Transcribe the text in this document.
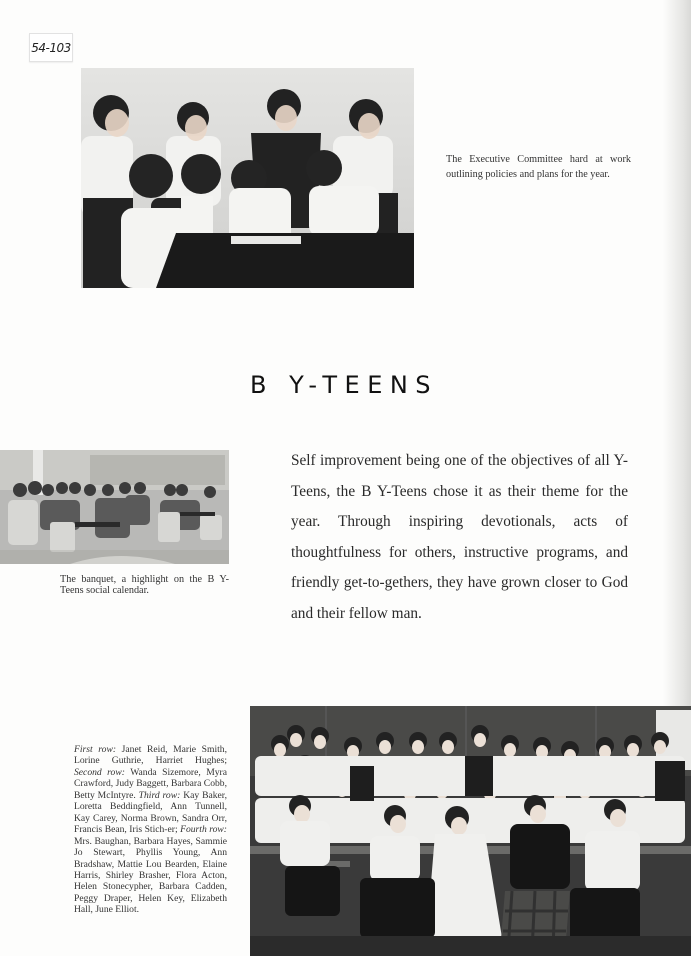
54-103
The Executive Committee hard at work outlining policies and plans for the year.
B Y-TEENS
The banquet, a highlight on the B Y-Teens social calendar.

Self improvement being one of the objectives of all Y-Teens, the B Y-Teens chose it as their theme for the year. Through inspiring devotionals, acts of thoughtfulness for others, instructive programs, and friendly get-to-gethers, they have grown closer to God and their fellow man.

First row: Janet Reid, Marie Smith, Lorine Guthrie, Harriet Hughes; Second row: Wanda Sizemore, Myra Crawford, Judy Baggett, Barbara Cobb, Betty McIntyre. Third row: Kay Baker, Loretta Beddingfield, Ann Tunnell, Kay Carey, Norma Brown, Sandra Orr, Francis Bean, Iris Stich-er; Fourth row: Mrs. Baughan, Barbara Hayes, Sammie Jo Stewart, Phyllis Young, Ann Bradshaw, Mattie Lou Bearden, Elaine Harris, Shirley Brasher, Flora Acton, Helen Stonecypher, Barbara Cadden, Peggy Draper, Helen Key, Elizabeth Hall, June Elliot.
